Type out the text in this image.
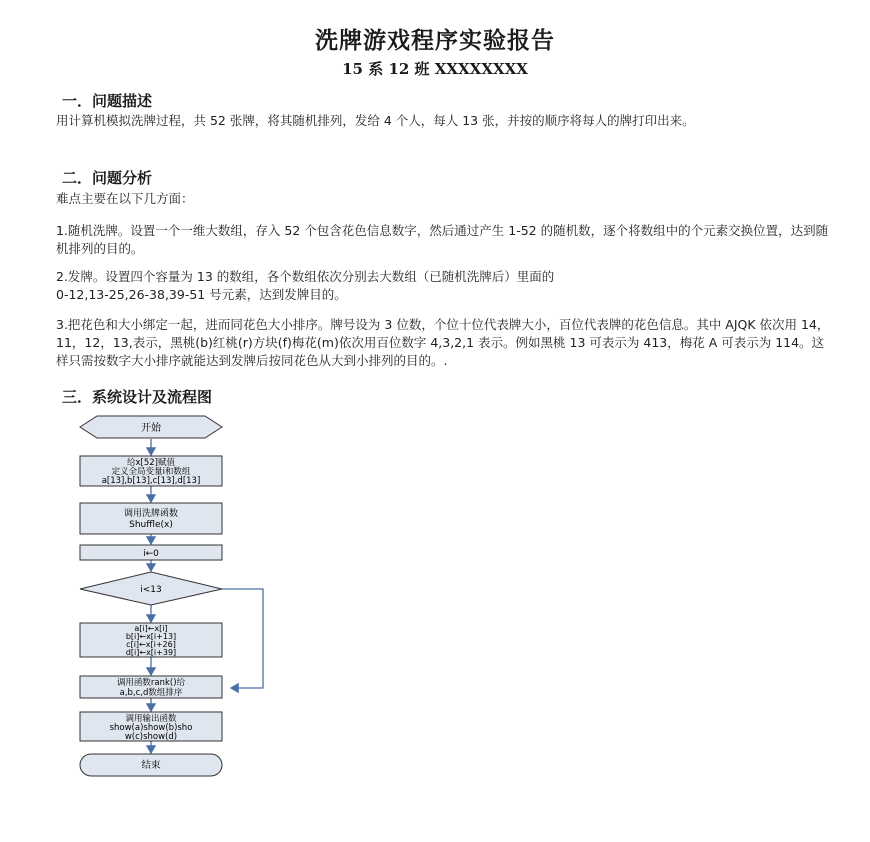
洗牌游戏程序实验报告
15 系 12 班 XXXXXXXX
一．问题描述
用计算机模拟洗牌过程，共 52 张牌，将其随机排列，发给 4 个人，每人 13 张，并按的顺序将每人的牌打印出来。
二．问题分析
难点主要在以下几方面：
1.随机洗牌。设置一个一维大数组，存入 52 个包含花色信息数字，然后通过产生 1-52 的随机数，逐个将数组中的个元素交换位置，达到随机排列的目的。
2.发牌。设置四个容量为 13 的数组，各个数组依次分别去大数组（已随机洗牌后）里面的
0-12,13-25,26-38,39-51 号元素，达到发牌目的。
3.把花色和大小绑定一起，进而同花色大小排序。牌号设为 3 位数，个位十位代表牌大小，百位代表牌的花色信息。其中 AJQK 依次用 14，11，12，13,表示，黑桃(b)红桃(r)方块(f)梅花(m)依次用百位数字 4,3,2,1 表示。例如黑桃 13 可表示为 413，梅花 A 可表示为 114。这样只需按数字大小排序就能达到发牌后按同花色从大到小排列的目的。.
三．系统设计及流程图
开始
给x[52]赋值
定义全局变量i和数组
a[13],b[13],c[13],d[13]
调用洗牌函数
Shuffle(x)
i←0
i<13
a[i]←x[i]
b[i]←x[i+13]
c[i]←x[i+26]
d[i]←x[i+39]
调用函数rank()给
a,b,c,d数组排序
调用输出函数
show(a)show(b)sho
w(c)show(d)
结束
